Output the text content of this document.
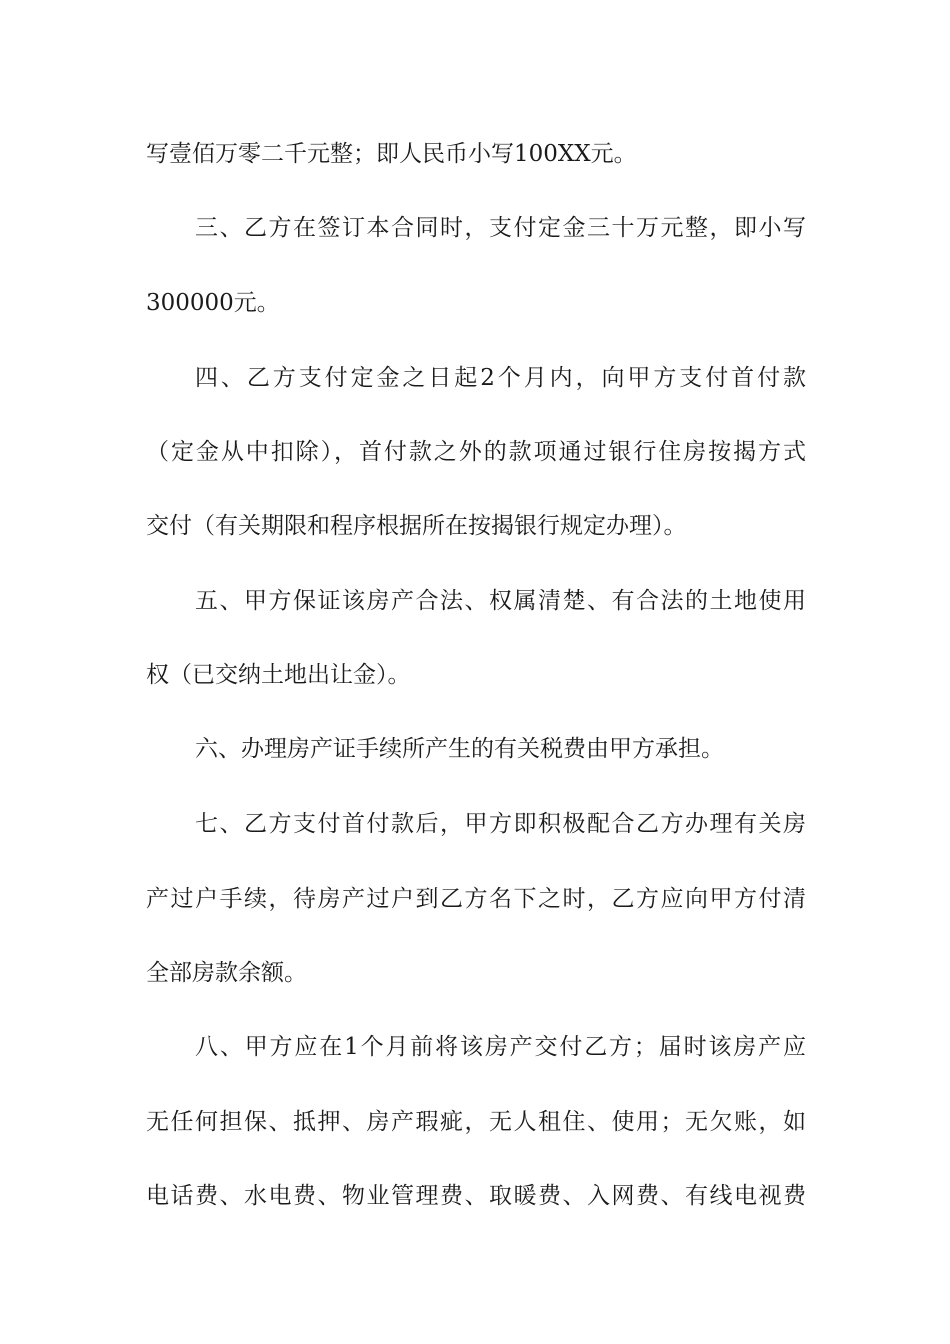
写壹佰万零二千元整；即人民币小写100XX元。
三、乙方在签订本合同时，支付定金三十万元整，即小写
300000元。
四、乙方支付定金之日起2个月内，向甲方支付首付款
（定金从中扣除），首付款之外的款项通过银行住房按揭方式
交付（有关期限和程序根据所在按揭银行规定办理）。
五、甲方保证该房产合法、权属清楚、有合法的土地使用
权（已交纳土地出让金）。
六、办理房产证手续所产生的有关税费由甲方承担。
七、乙方支付首付款后，甲方即积极配合乙方办理有关房
产过户手续，待房产过户到乙方名下之时，乙方应向甲方付清
全部房款余额。
八、甲方应在1个月前将该房产交付乙方；届时该房产应
无任何担保、抵押、房产瑕疵，无人租住、使用；无欠账，如
电话费、水电费、物业管理费、取暖费、入网费、有线电视费
